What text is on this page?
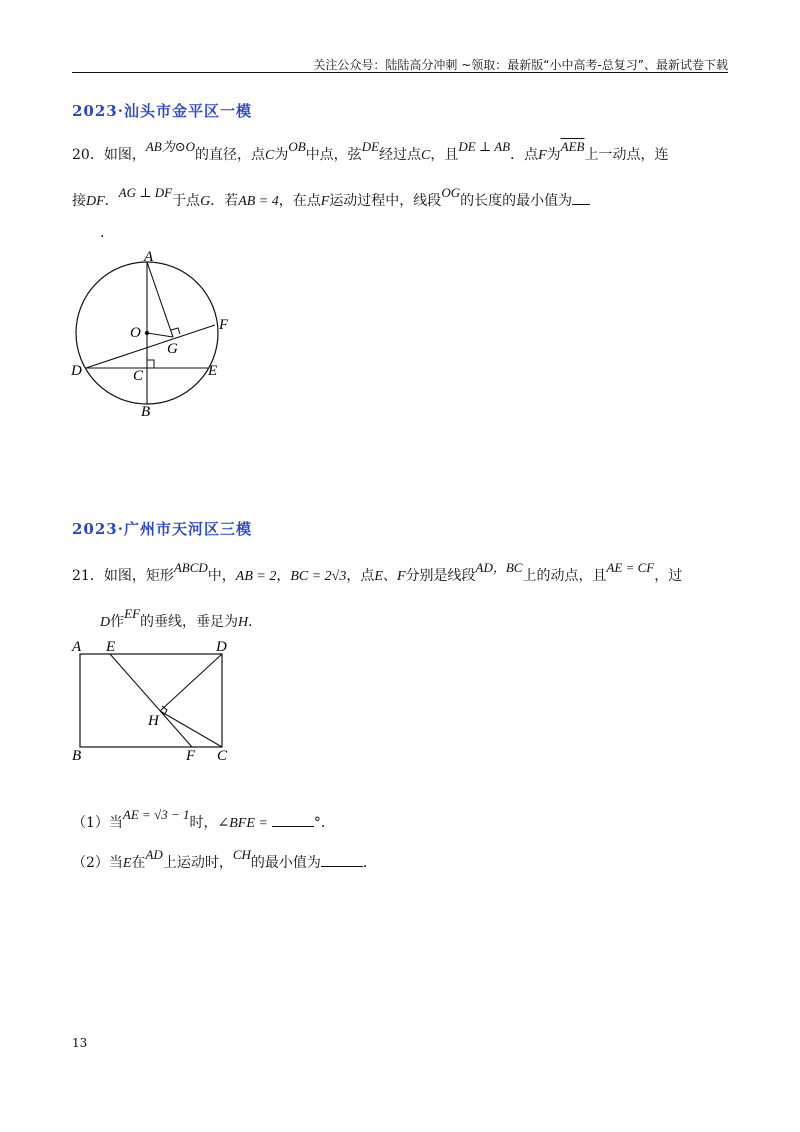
关注公众号：陆陆高分冲刺 ~领取：最新版“小中高考-总复习”、最新试卷下载
2023·汕头市金平区一模
20．如图，AB为⊙O的直径，点C为OB中点，弦DE经过点C，且DE ⊥ AB．点F为$\overline{AEB}$上一动点，连
接DF．AG ⊥ DF于点G．若AB = 4，在点F运动过程中，线段OG的长度的最小值为
．
A
O
G
F
D	C	E
B
2023·广州市天河区三模
21．如图，矩形ABCD中，AB = 2，BC = 2√3，点E、F分别是线段AD，BC上的动点，且AE = CF，过
D作EF的垂线，垂足为H．
A E	D
H
B	F C
（1）当AE = √3 − 1时，∠BFE =	°．
（2）当E在AD上运动时，CH的最小值为	．
13
